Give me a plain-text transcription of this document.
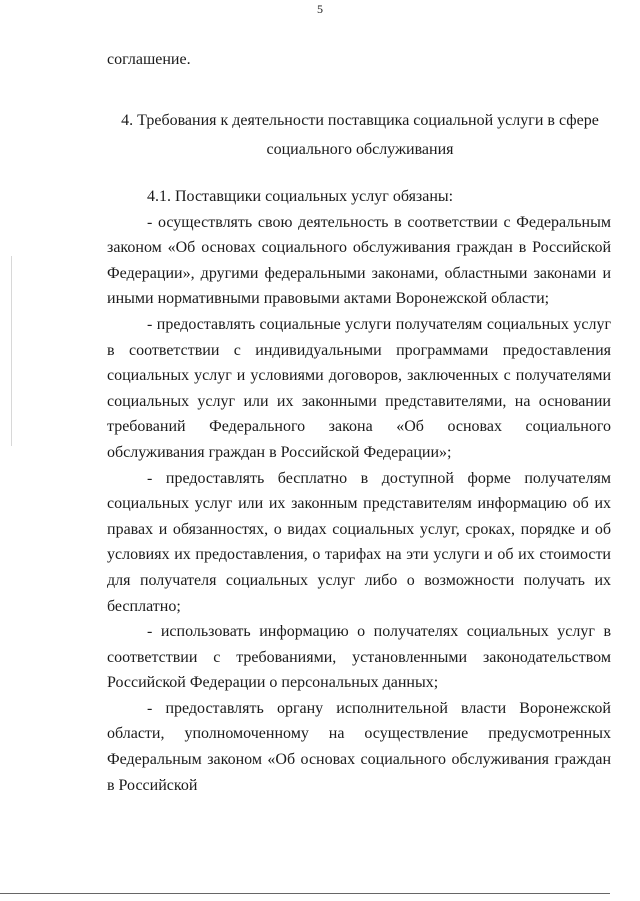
5
соглашение.
4. Требования к деятельности поставщика социальной услуги в сфере
социального обслуживания

4.1. Поставщики социальных услуг обязаны:

- осуществлять свою деятельность в соответствии с Федеральным законом «Об основах социального обслуживания граждан в Российской Федерации», другими федеральными законами, областными законами и иными нормативными правовыми актами Воронежской области;

- предоставлять социальные услуги получателям социальных услуг в соответствии с индивидуальными программами предоставления социальных услуг и условиями договоров, заключенных с получателями социальных услуг или их законными представителями, на основании требований Федерального закона «Об основах социального обслуживания граждан в Российской Федерации»;

- предоставлять бесплатно в доступной форме получателям социальных услуг или их законным представителям информацию об их правах и обязанностях, о видах социальных услуг, сроках, порядке и об условиях их предоставления, о тарифах на эти услуги и об их стоимости для получателя социальных услуг либо о возможности получать их бесплатно;

- использовать информацию о получателях социальных услуг в соответствии с требованиями, установленными законодательством Российской Федерации о персональных данных;

- предоставлять органу исполнительной власти Воронежской области, уполномоченному на осуществление предусмотренных Федеральным законом «Об основах социального обслуживания граждан в Российской
